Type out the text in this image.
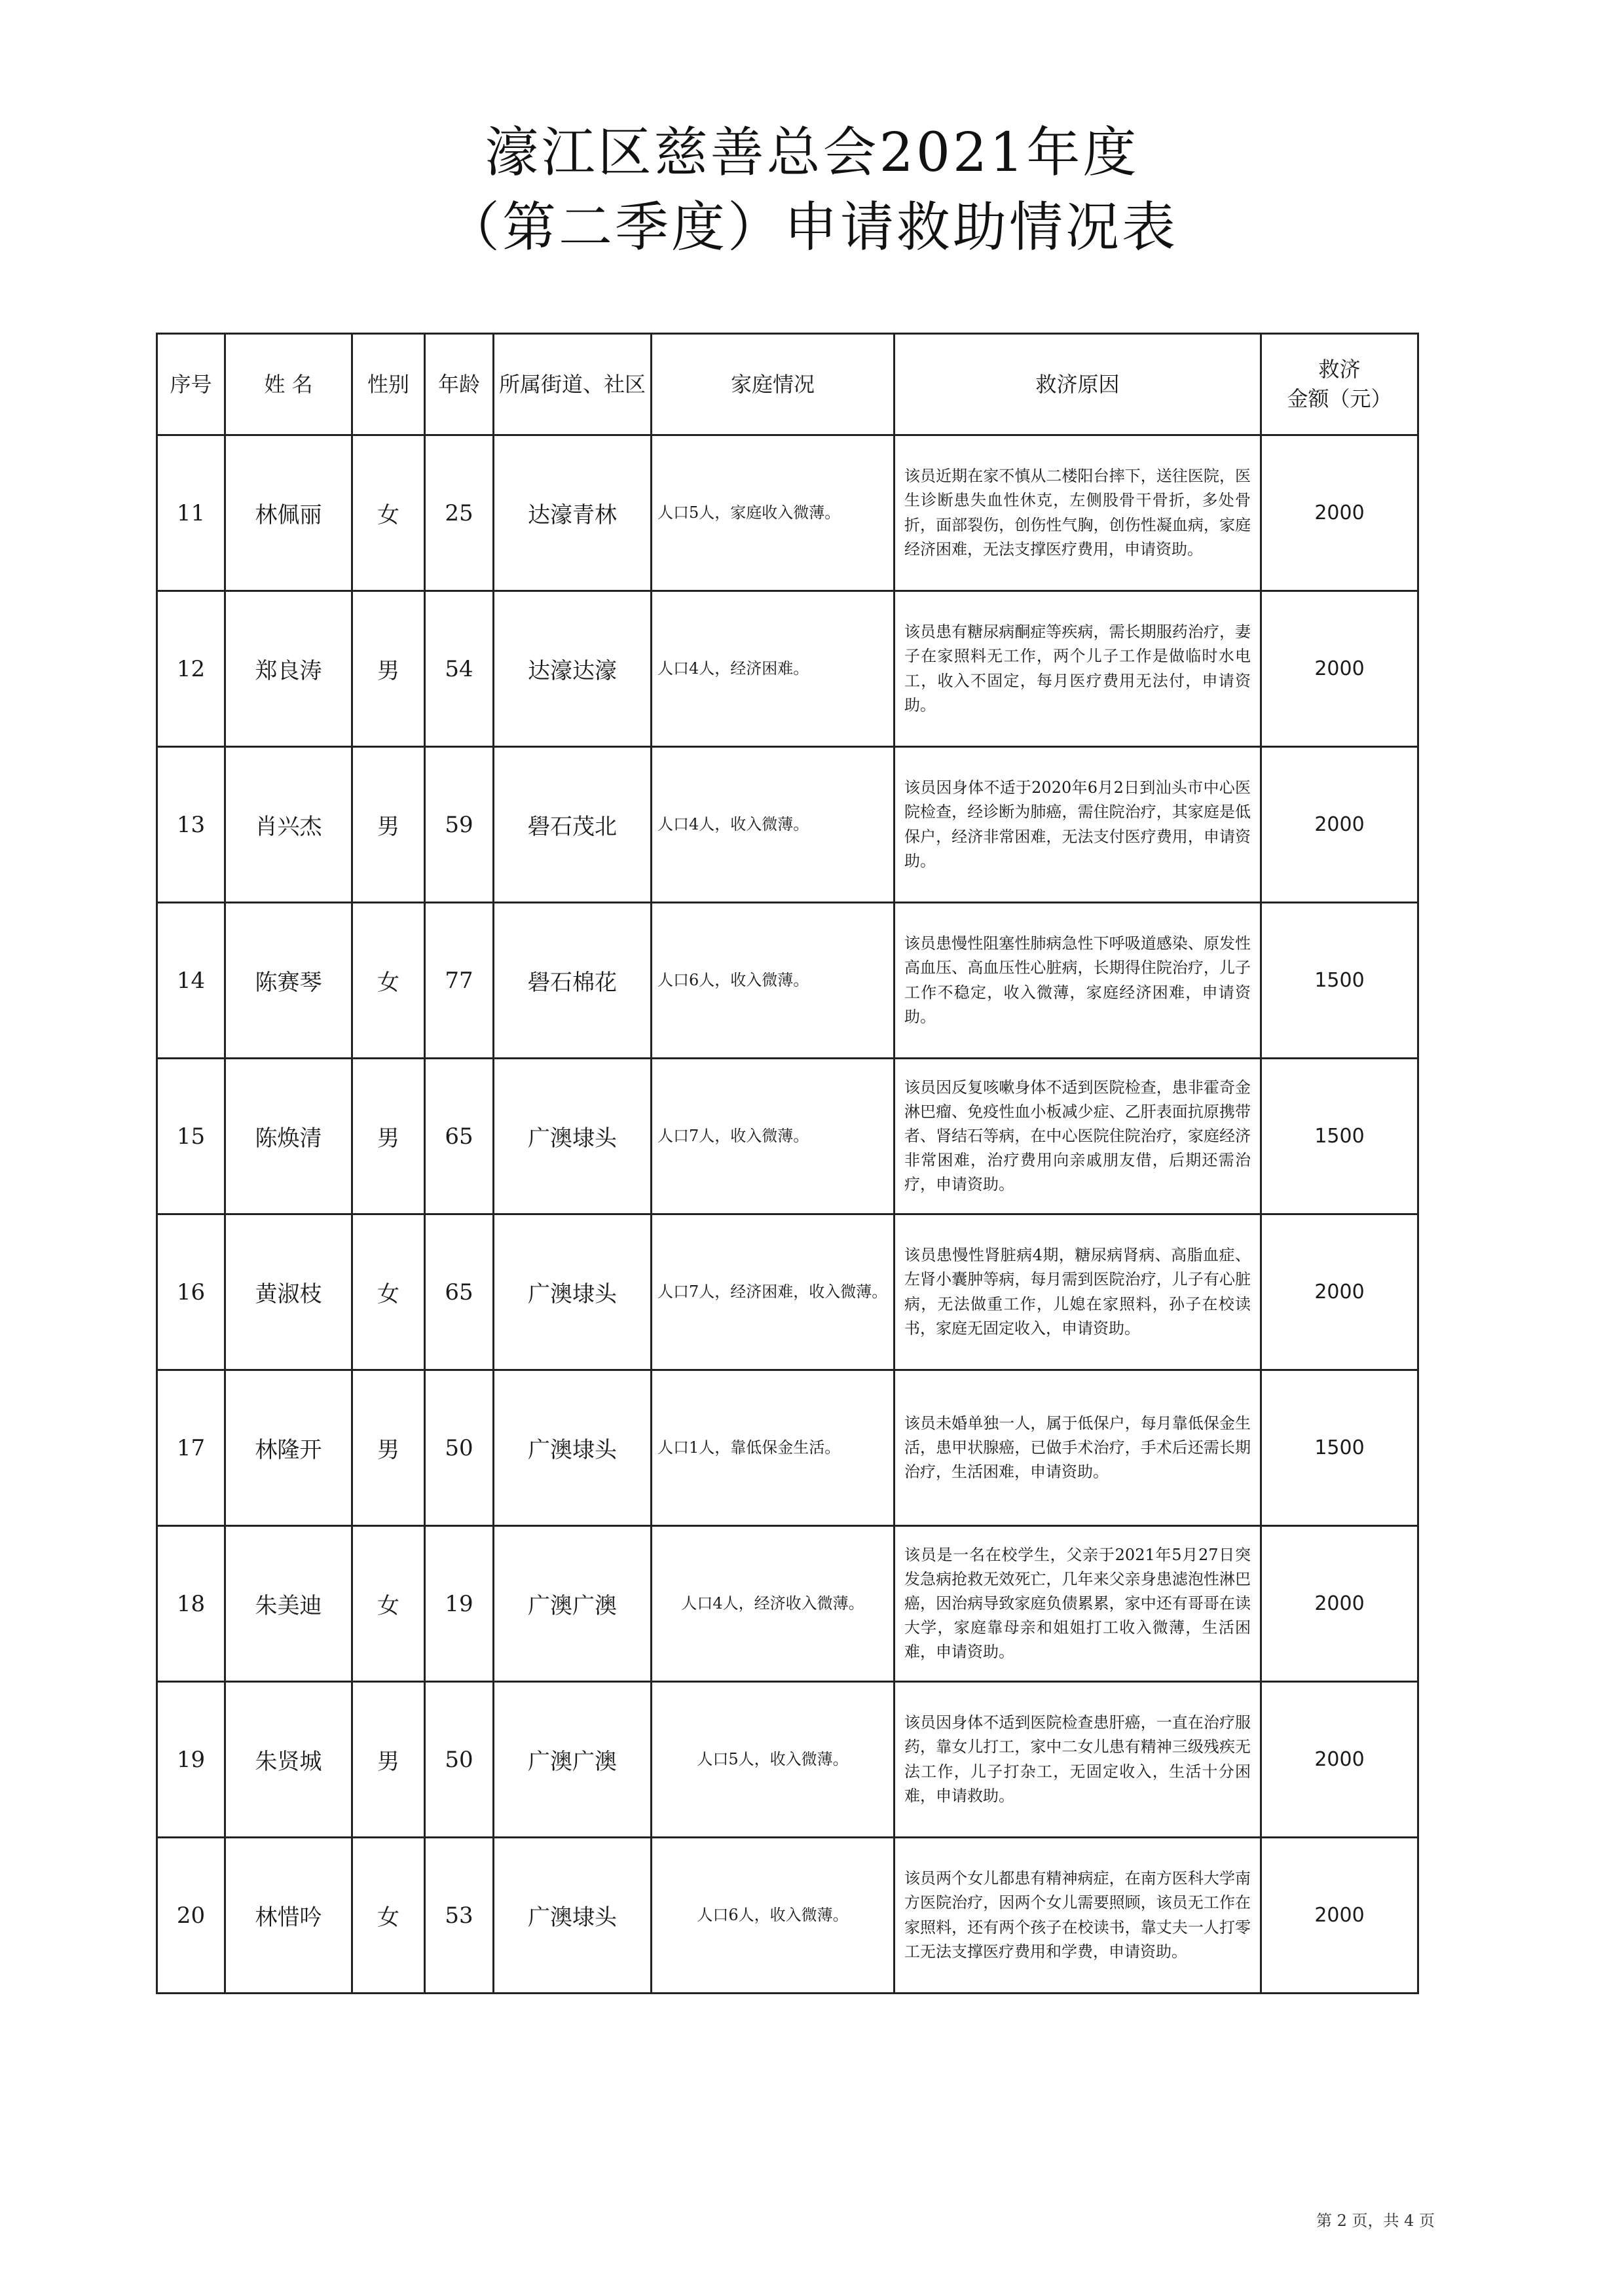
濠江区慈善总会2021年度
（第二季度）申请救助情况表
序号	姓 名	性别	年龄	所属街道、社区	家庭情况	救济原因	救济
金额（元）

11	林佩丽	女	25	达濠青林	人口5人，家庭收入微薄。	该员近期在家不慎从二楼阳台摔下，送往医院，医生诊断患失血性休克，左侧股骨干骨折，多处骨折，面部裂伤，创伤性气胸，创伤性凝血病，家庭经济困难，无法支撑医疗费用，申请资助。	2000
12	郑良涛	男	54	达濠达濠	人口4人，经济困难。	该员患有糖尿病酮症等疾病，需长期服药治疗，妻子在家照料无工作，两个儿子工作是做临时水电工，收入不固定，每月医疗费用无法付，申请资助。	2000
13	肖兴杰	男	59	礐石茂北	人口4人，收入微薄。	该员因身体不适于2020年6月2日到汕头市中心医院检查，经诊断为肺癌，需住院治疗，其家庭是低保户，经济非常困难，无法支付医疗费用，申请资助。	2000
14	陈赛琴	女	77	礐石棉花	人口6人，收入微薄。	该员患慢性阻塞性肺病急性下呼吸道感染、原发性高血压、高血压性心脏病，长期得住院治疗，儿子工作不稳定，收入微薄，家庭经济困难，申请资助。	1500
15	陈焕清	男	65	广澳埭头	人口7人，收入微薄。	该员因反复咳嗽身体不适到医院检查，患非霍奇金淋巴瘤、免疫性血小板减少症、乙肝表面抗原携带者、肾结石等病，在中心医院住院治疗，家庭经济非常困难，治疗费用向亲戚朋友借，后期还需治疗，申请资助。	1500
16	黄淑枝	女	65	广澳埭头	人口7人，经济困难，收入微薄。	该员患慢性肾脏病4期，糖尿病肾病、高脂血症、左肾小囊肿等病，每月需到医院治疗，儿子有心脏病，无法做重工作，儿媳在家照料，孙子在校读书，家庭无固定收入，申请资助。	2000
17	林隆开	男	50	广澳埭头	人口1人，靠低保金生活。	该员未婚单独一人，属于低保户，每月靠低保金生活，患甲状腺癌，已做手术治疗，手术后还需长期治疗，生活困难，申请资助。	1500
18	朱美迪	女	19	广澳广澳	人口4人，经济收入微薄。	该员是一名在校学生，父亲于2021年5月27日突发急病抢救无效死亡，几年来父亲身患滤泡性淋巴癌，因治病导致家庭负债累累，家中还有哥哥在读大学，家庭靠母亲和姐姐打工收入微薄，生活困难，申请资助。	2000
19	朱贤城	男	50	广澳广澳	人口5人，收入微薄。	该员因身体不适到医院检查患肝癌，一直在治疗服药，靠女儿打工，家中二女儿患有精神三级残疾无法工作，儿子打杂工，无固定收入，生活十分困难，申请救助。	2000
20	林惜吟	女	53	广澳埭头	人口6人，收入微薄。	该员两个女儿都患有精神病症，在南方医科大学南方医院治疗，因两个女儿需要照顾，该员无工作在家照料，还有两个孩子在校读书，靠丈夫一人打零工无法支撑医疗费用和学费，申请资助。	2000
第 2 页，共 4 页
